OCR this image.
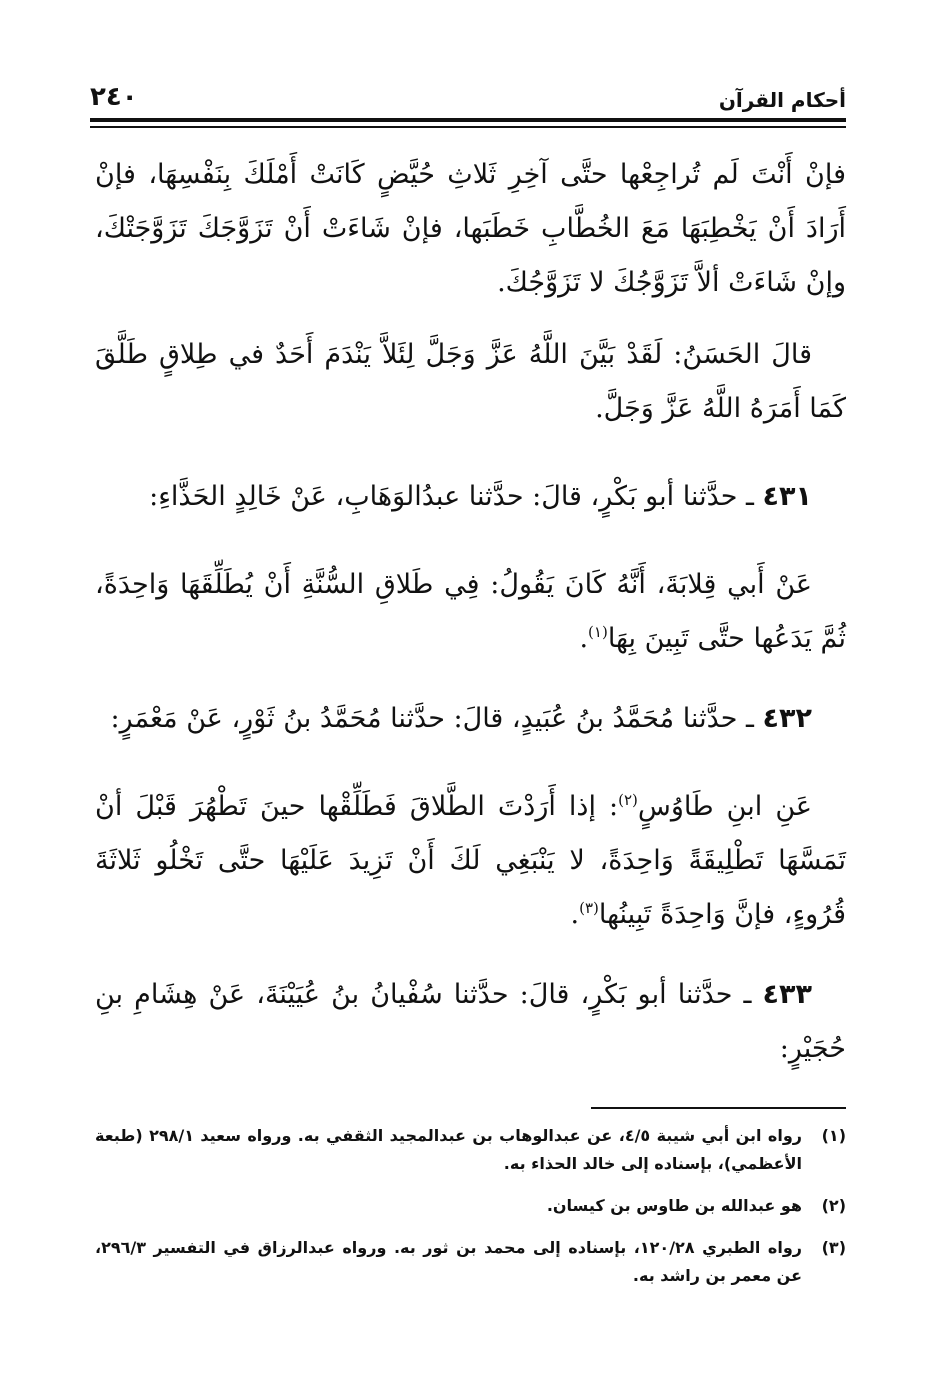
أحكام القرآن
٢٤٠

فإنْ أَنْتَ لَم تُراجِعْها حتَّى آخِرِ ثَلاثِ حُيَّضٍ كَانَتْ أَمْلَكَ بِنَفْسِهَا، فإنْ أَرَادَ أَنْ يَخْطِبَهَا مَعَ الخُطَّابِ خَطَبَها، فإنْ شَاءَتْ أَنْ تَزَوَّجَكَ تَزَوَّجَتْكَ، وإنْ شَاءَتْ ألاَّ تَزَوَّجُكَ لا تَزَوَّجُكَ.

قالَ الحَسَنُ: لَقَدْ بَيَّنَ اللَّهُ عَزَّ وَجَلَّ لِئَلاَّ يَنْدَمَ أَحَدٌ في طِلاقٍ طَلَّقَ كَمَا أَمَرَهُ اللَّهُ عَزَّ وَجَلَّ.

٤٣١ ـ حدَّثنا أبو بَكْرٍ، قالَ: حدَّثنا عبدُالوَهَابِ، عَنْ خَالِدٍ الحَذَّاءِ:

عَنْ أَبي قِلابَةَ، أَنَّهُ كَانَ يَقُولُ: فِي طَلاقِ السُّنَّةِ أَنْ يُطَلِّقَهَا وَاحِدَةً، ثُمَّ يَدَعُها حتَّى تَبِينَ بِهَا$^{(١)}$.

٤٣٢ ـ حدَّثنا مُحَمَّدُ بنُ عُبَيدٍ، قالَ: حدَّثنا مُحَمَّدُ بنُ ثَوْرٍ، عَنْ مَعْمَرٍ:

عَنِ ابنِ طَاوُسٍ$^{(٢)}$: إذا أَرَدْتَ الطَّلاقَ فَطَلِّقْها حينَ تَطْهُرَ قَبْلَ أنْ تَمَسَّهَا تَطْلِيقَةً وَاحِدَةً، لا يَنْبَغِي لَكَ أَنْ تَزِيدَ عَلَيْهَا حتَّى تَخْلُو ثَلاثَةَ قُرُوءٍ، فإنَّ وَاحِدَةً تَبِينُها$^{(٣)}$.

٤٣٣ ـ حدَّثنا أبو بَكْرٍ، قالَ: حدَّثنا سُفْيانُ بنُ عُيَيْنَةَ، عَنْ هِشَامِ بنِ حُجَيْرٍ:

(١)
رواه ابن أبي شيبة ٤/٥، عن عبدالوهاب بن عبدالمجيد الثقفي به. ورواه سعيد ٢٩٨/١ (طبعة الأعظمي)، بإسناده إلى خالد الحذاء به.
(٢)
هو عبدالله بن طاوس بن كيسان.
(٣)
رواه الطبري ١٢٠/٢٨، بإسناده إلى محمد بن ثور به. ورواه عبدالرزاق في التفسير ٢٩٦/٣، عن معمر بن راشد به.
